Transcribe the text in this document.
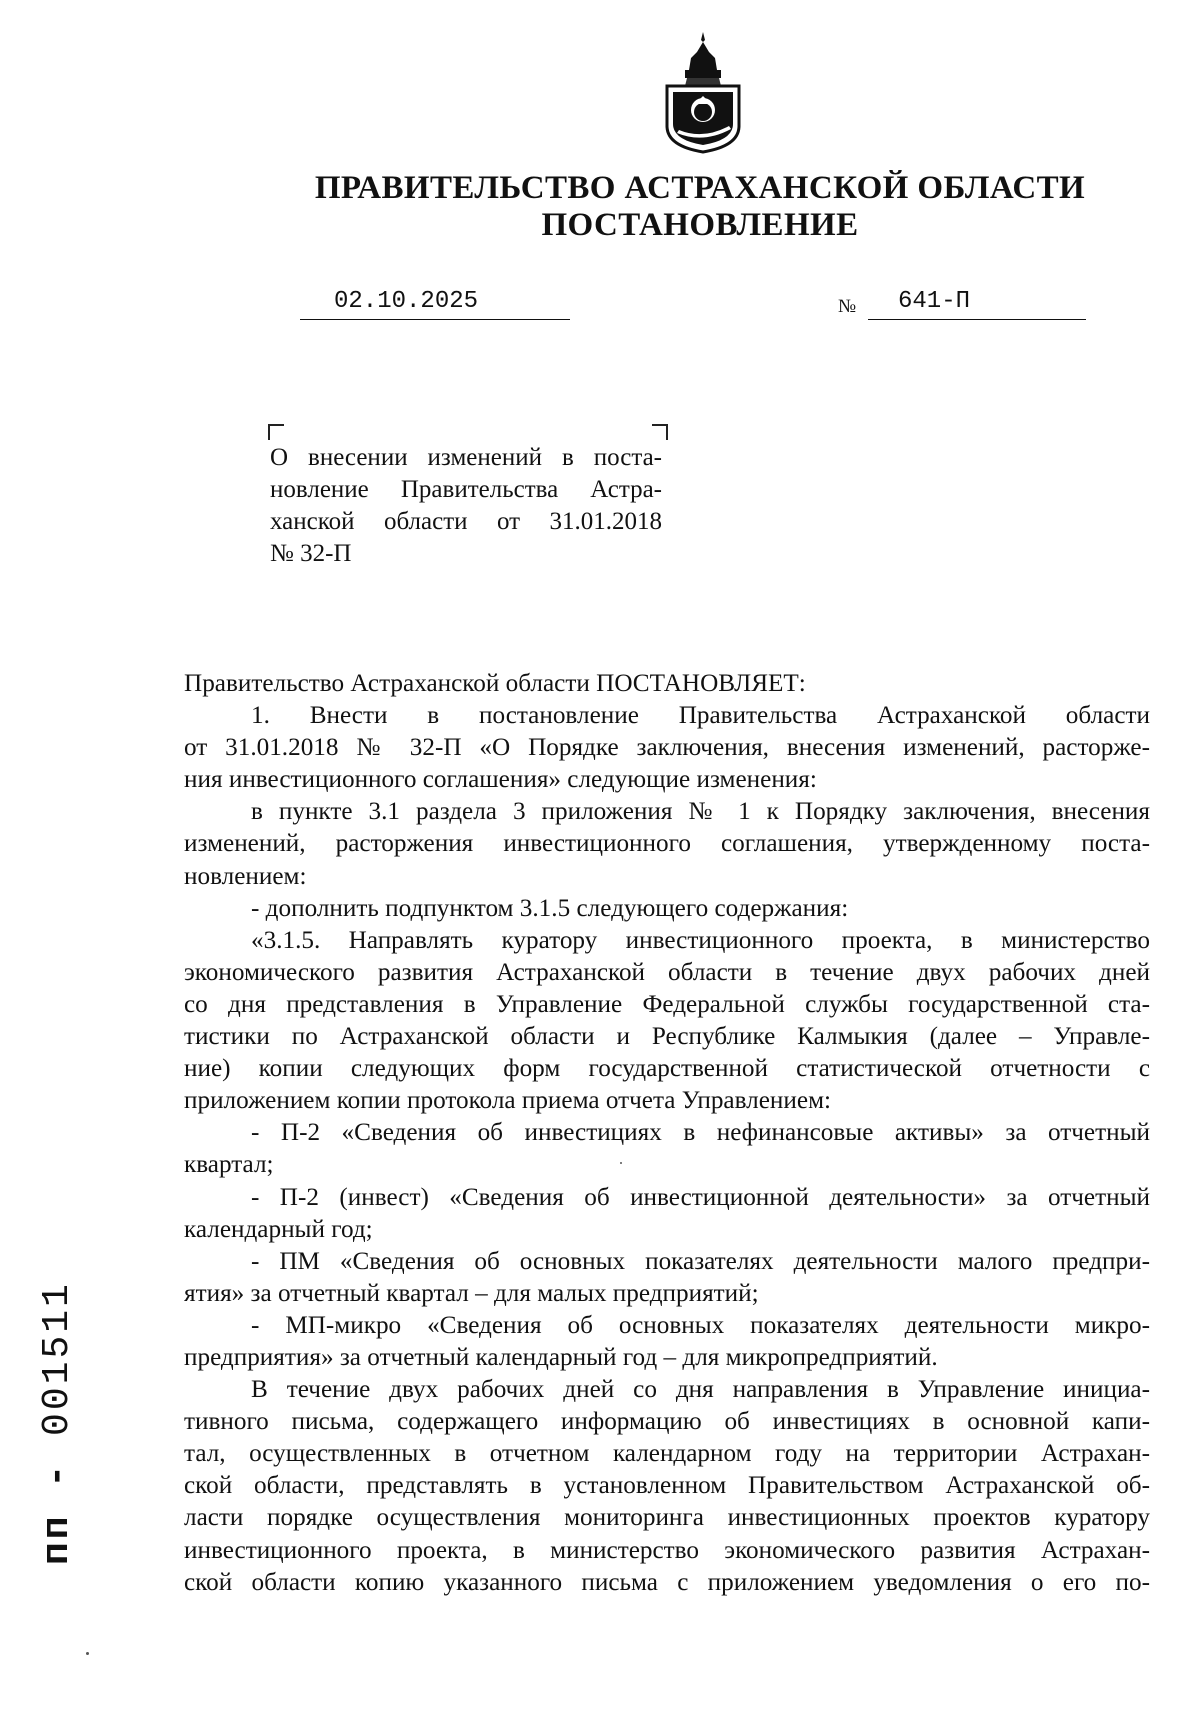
ПРАВИТЕЛЬСТВО АСТРАХАНСКОЙ ОБЛАСТИ
ПОСТАНОВЛЕНИЕ
02.10.2025	№	641-П
О внесении изменений в поста-
новление Правительства Астра-
ханской области от 31.01.2018
№ 32-П
Правительство Астраханской области ПОСТАНОВЛЯЕТ:
1. Внести в постановление Правительства Астраханской области
от 31.01.2018 № 32-П «О Порядке заключения, внесения изменений, расторже-
ния инвестиционного соглашения» следующие изменения:
в пункте 3.1 раздела 3 приложения № 1 к Порядку заключения, внесения
изменений, расторжения инвестиционного соглашения, утвержденному поста-
новлением:
- дополнить подпунктом 3.1.5 следующего содержания:
«3.1.5. Направлять куратору инвестиционного проекта, в министерство
экономического развития Астраханской области в течение двух рабочих дней
со дня представления в Управление Федеральной службы государственной ста-
тистики по Астраханской области и Республике Калмыкия (далее – Управле-
ние) копии следующих форм государственной статистической отчетности с
приложением копии протокола приема отчета Управлением:
- П-2 «Сведения об инвестициях в нефинансовые активы» за отчетный
квартал;
- П-2 (инвест) «Сведения об инвестиционной деятельности» за отчетный
календарный год;
- ПМ «Сведения об основных показателях деятельности малого предпри-
ятия» за отчетный квартал – для малых предприятий;
- МП-микро «Сведения об основных показателях деятельности микро-
предприятия» за отчетный календарный год – для микропредприятий.
В течение двух рабочих дней со дня направления в Управление инициа-
тивного письма, содержащего информацию об инвестициях в основной капи-
тал, осуществленных в отчетном календарном году на территории Астрахан-
ской области, представлять в установленном Правительством Астраханской об-
ласти порядке осуществления мониторинга инвестиционных проектов куратору
инвестиционного проекта, в министерство экономического развития Астрахан-
ской области копию указанного письма с приложением уведомления о его по-
пп - 001511
